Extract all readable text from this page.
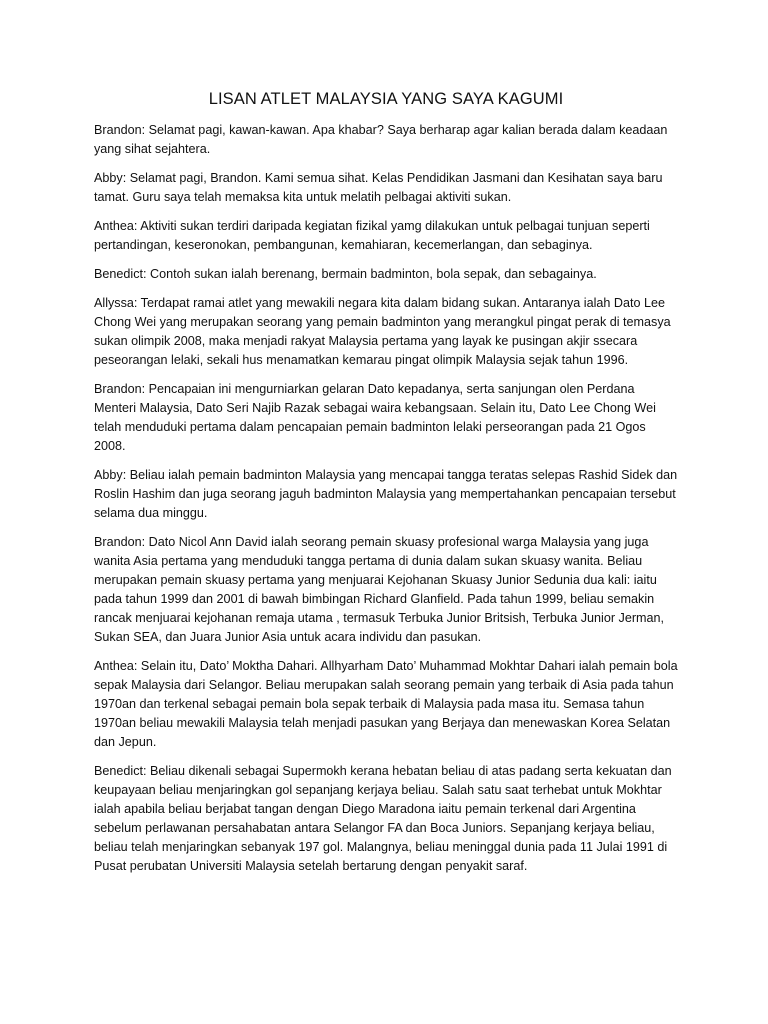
LISAN ATLET MALAYSIA YANG SAYA KAGUMI

Brandon: Selamat pagi, kawan-kawan. Apa khabar? Saya berharap agar kalian berada dalam keadaan yang sihat sejahtera.

Abby: Selamat pagi, Brandon. Kami semua sihat. Kelas Pendidikan Jasmani dan Kesihatan saya baru tamat. Guru saya telah memaksa kita untuk melatih pelbagai aktiviti sukan.

Anthea: Aktiviti sukan terdiri daripada kegiatan fizikal yamg dilakukan untuk pelbagai tunjuan seperti pertandingan, keseronokan, pembangunan, kemahiaran, kecemerlangan, dan sebaginya.

Benedict: Contoh sukan ialah berenang, bermain badminton, bola sepak, dan sebagainya.

Allyssa: Terdapat ramai atlet yang mewakili negara kita dalam bidang sukan. Antaranya ialah Dato Lee Chong Wei yang merupakan seorang yang pemain badminton yang merangkul pingat perak di temasya sukan olimpik 2008, maka menjadi rakyat Malaysia pertama yang layak ke pusingan akjir ssecara peseorangan lelaki, sekali hus menamatkan kemarau pingat olimpik Malaysia sejak tahun 1996.

Brandon: Pencapaian ini mengurniarkan gelaran Dato kepadanya, serta sanjungan olen Perdana Menteri Malaysia, Dato Seri Najib Razak sebagai waira kebangsaan. Selain itu, Dato Lee Chong Wei telah menduduki pertama dalam pencapaian pemain badminton lelaki perseorangan pada 21 Ogos 2008.

Abby: Beliau ialah pemain badminton Malaysia yang mencapai tangga teratas selepas Rashid Sidek dan Roslin Hashim dan juga seorang jaguh badminton Malaysia yang mempertahankan pencapaian tersebut selama dua minggu.

Brandon: Dato Nicol Ann David ialah seorang pemain skuasy profesional warga Malaysia yang juga wanita Asia pertama yang menduduki tangga pertama di dunia dalam sukan skuasy wanita. Beliau merupakan pemain skuasy pertama yang menjuarai Kejohanan Skuasy Junior Sedunia dua kali: iaitu pada tahun 1999 dan 2001 di bawah bimbingan Richard Glanfield. Pada tahun 1999, beliau semakin rancak menjuarai kejohanan remaja utama , termasuk Terbuka Junior Britsish, Terbuka Junior Jerman, Sukan SEA, dan Juara Junior Asia untuk acara individu dan pasukan.

Anthea: Selain itu, Dato’ Moktha Dahari. Allhyarham Dato’ Muhammad Mokhtar Dahari ialah pemain bola sepak Malaysia dari Selangor. Beliau merupakan salah seorang pemain yang terbaik di Asia pada tahun 1970an dan terkenal sebagai pemain bola sepak terbaik di Malaysia pada masa itu. Semasa tahun 1970an beliau mewakili Malaysia telah menjadi pasukan yang Berjaya dan menewaskan Korea Selatan dan Jepun.

Benedict: Beliau dikenali sebagai Supermokh kerana hebatan beliau di atas padang serta kekuatan dan keupayaan beliau menjaringkan gol sepanjang kerjaya beliau. Salah satu saat terhebat untuk Mokhtar ialah apabila beliau berjabat tangan dengan Diego Maradona iaitu pemain terkenal dari Argentina sebelum perlawanan persahabatan antara Selangor FA dan Boca Juniors. Sepanjang kerjaya beliau, beliau telah menjaringkan sebanyak 197 gol. Malangnya, beliau meninggal dunia pada 11 Julai 1991 di Pusat perubatan Universiti Malaysia setelah bertarung dengan penyakit saraf.
